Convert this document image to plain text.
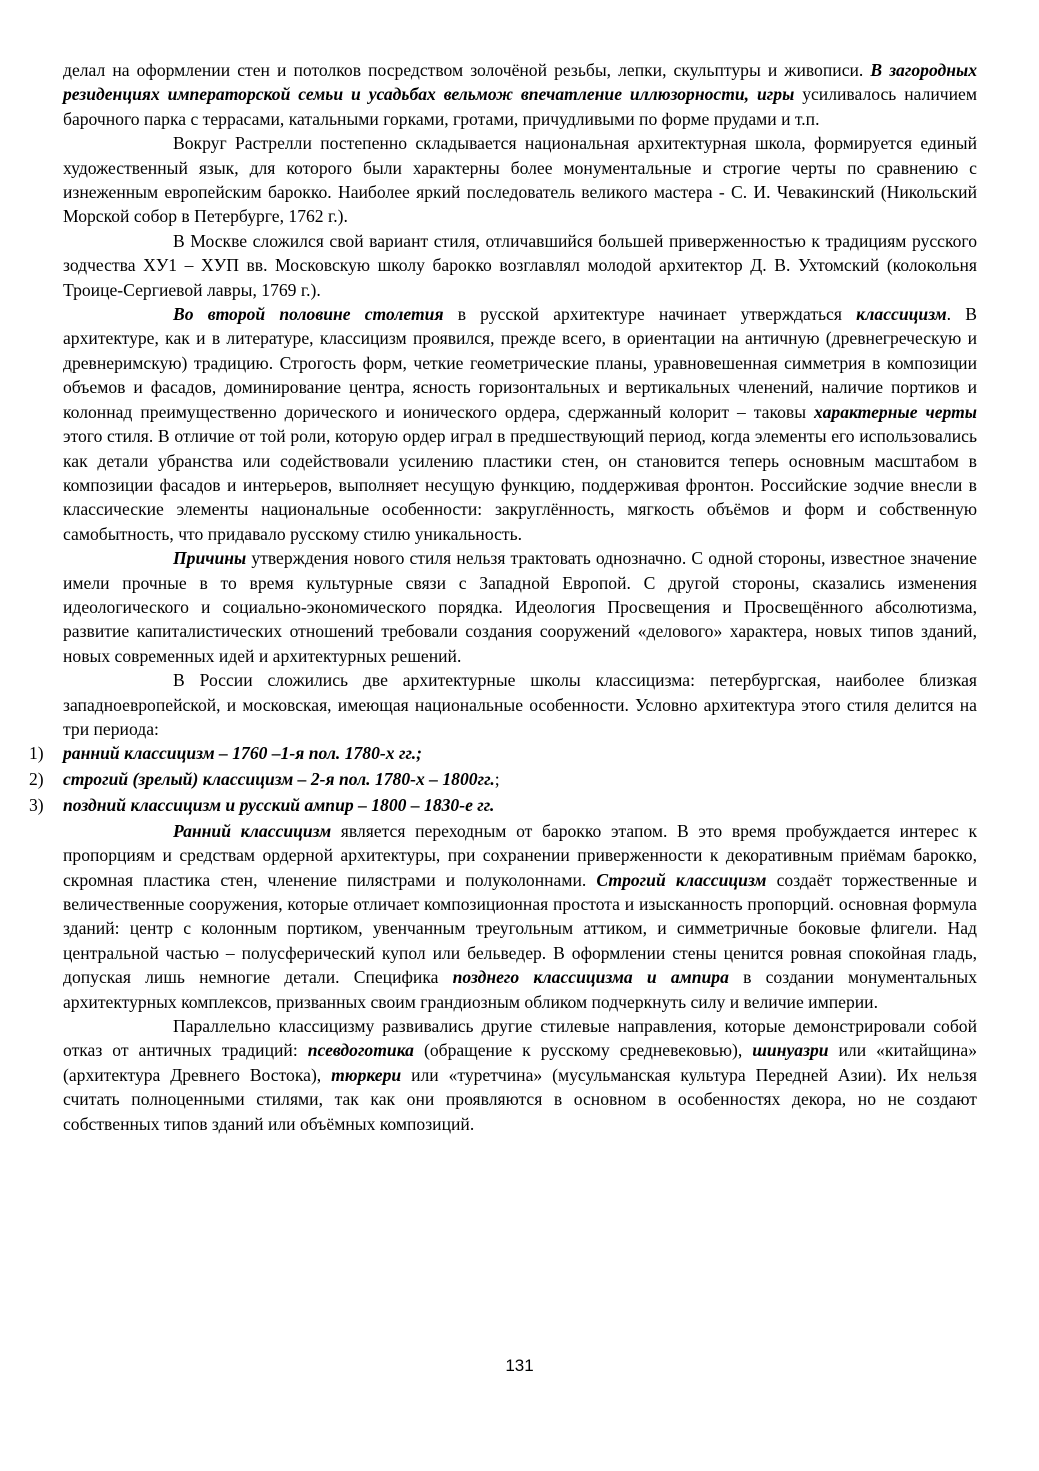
делал на оформлении стен и потолков посредством золочёной резьбы, лепки, скульптуры и живописи. В загородных резиденциях императорской семьи и усадьбах вельмож впечатление иллюзорности, игры усиливалось наличием барочного парка с террасами, катальными горками, гротами, причудливыми по форме прудами и т.п.

Вокруг Растрелли постепенно складывается национальная архитектурная школа, формируется единый художественный язык, для которого были характерны более монументальные и строгие черты по сравнению с изнеженным европейским барокко. Наиболее яркий последователь великого мастера - С. И. Чевакинский (Никольский Морской собор в Петербурге, 1762 г.).

В Москве сложился свой вариант стиля, отличавшийся большей приверженностью к традициям русского зодчества ХУ1 – ХУП вв. Московскую школу барокко возглавлял молодой архитектор Д. В. Ухтомский (колокольня Троице-Сергиевой лавры, 1769 г.).

Во второй половине столетия в русской архитектуре начинает утверждаться классицизм. В архитектуре, как и в литературе, классицизм проявился, прежде всего, в ориентации на античную (древнегреческую и древнеримскую) традицию. Строгость форм, четкие геометрические планы, уравновешенная симметрия в композиции объемов и фасадов, доминирование центра, ясность горизонтальных и вертикальных членений, наличие портиков и колоннад преимущественно дорического и ионического ордера, сдержанный колорит – таковы характерные черты этого стиля. В отличие от той роли, которую ордер играл в предшествующий период, когда элементы его использовались как детали убранства или содействовали усилению пластики стен, он становится теперь основным масштабом в композиции фасадов и интерьеров, выполняет несущую функцию, поддерживая фронтон. Российские зодчие внесли в классические элементы национальные особенности: закруглённость, мягкость объёмов и форм и собственную самобытность, что придавало русскому стилю уникальность.

Причины утверждения нового стиля нельзя трактовать однозначно. С одной стороны, известное значение имели прочные в то время культурные связи с Западной Европой. С другой стороны, сказались изменения идеологического и социально-экономического порядка. Идеология Просвещения и Просвещённого абсолютизма, развитие капиталистических отношений требовали создания сооружений «делового» характера, новых типов зданий, новых современных идей и архитектурных решений.

В России сложились две архитектурные школы классицизма: петербургская, наиболее близкая западноевропейской, и московская, имеющая национальные особенности. Условно архитектура этого стиля делится на три периода:

1)	ранний классицизм – 1760 –1-я пол. 1780-х гг.;
2)	строгий (зрелый) классицизм – 2-я пол. 1780-х – 1800гг.;
3)	поздний классицизм и русский ампир – 1800 – 1830-е гг.

Ранний классицизм является переходным от барокко этапом. В это время пробуждается интерес к пропорциям и средствам ордерной архитектуры, при сохранении приверженности к декоративным приёмам барокко, скромная пластика стен, членение пилястрами и полуколоннами. Строгий классицизм создаёт торжественные и величественные сооружения, которые отличает композиционная простота и изысканность пропорций. основная формула зданий: центр с колонным портиком, увенчанным треугольным аттиком, и симметричные боковые флигели. Над центральной частью – полусферический купол или бельведер. В оформлении стены ценится ровная спокойная гладь, допуская лишь немногие детали. Специфика позднего классицизма и ампира в создании монументальных архитектурных комплексов, призванных своим грандиозным обликом подчеркнуть силу и величие империи.

Параллельно классицизму развивались другие стилевые направления, которые демонстрировали собой отказ от античных традиций: псевдоготика (обращение к русскому средневековью), шинуазри или «китайщина» (архитектура Древнего Востока), тюркери или «туретчина» (мусульманская культура Передней Азии). Их нельзя считать полноценными стилями, так как они проявляются в основном в особенностях декора, но не создают собственных типов зданий или объёмных композиций.

131
